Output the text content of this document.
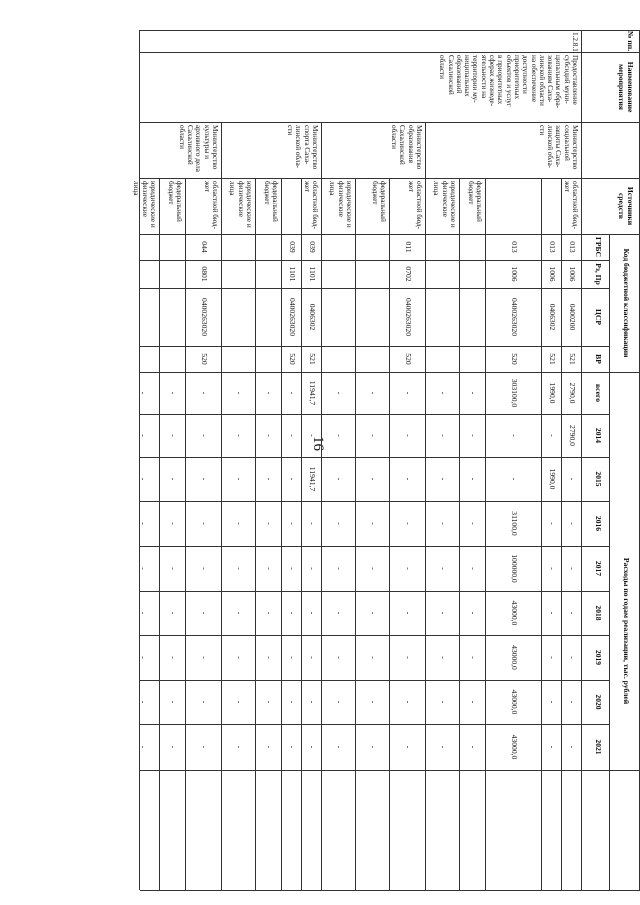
16
№ пп.
Наименование мероприятия
Источники средств
Код бюджетной классификации
ГРБС
Рз, Пр
ЦСР
ВР
Расходы по годам реализации, тыс. рублей
всего
2014
2015
2016
2017
2018
2019
2020
2021
1.2.8.1.
Предоставление
субсидий муни-
ципальным обра-
зованиям Саха-
линской области
на обеспечение
доступности
приоритетных
объектов и услуг
в приоритетных
сферах жизнеде-
ятельности на
территории му-
ниципальных
образований
Сахалинской
области
Министерство
социальной
защиты Саха-
линской обла-
сти
Министерство
образования
Сахалинской
области
Министерство
спорта Саха-
линской обла-
сти
Министерство
культуры и
архивного дела
Сахалинской
области
областной бюд-
жет
013
1006
0400200
521
2790,0
2790,0
-
-
-
-
-
-
-
013
1006
0406302
521
1990,0
-
1990,0
-
-
-
-
-
-
013
1006
0400263020
520
303100,0
-
-
31100,0
100000,0
43000,0
43000,0
43000,0
43000,0
федеральный
бюджет
-
-
-
-
-
-
-
-
-
юридические и
физические лица
-
-
-
-
-
-
-
-
-
областной бюд-
жет
011
0702
0400263020
520
-
-
-
-
-
-
-
-
-
федеральный
бюджет
-
-
-
-
-
-
-
-
-
юридические и
физические лица
-
-
-
-
-
-
-
-
-
областной бюд-
жет
039
1101
0406302
521
11941,7
-
11941,7
-
-
-
-
-
-
039
1101
0400263020
520
-
-
-
-
-
-
-
-
-
федеральный
бюджет
-
-
-
-
-
-
-
-
-
юридические и
физические лица
-
-
-
-
-
-
-
-
-
областной бюд-
жет
044
0801
0400263020
520
-
-
-
-
-
-
-
-
-
федеральный
бюджет
-
-
-
-
-
-
-
-
-
юридические и
физические лица
-
-
-
-
-
-
-
-
-
